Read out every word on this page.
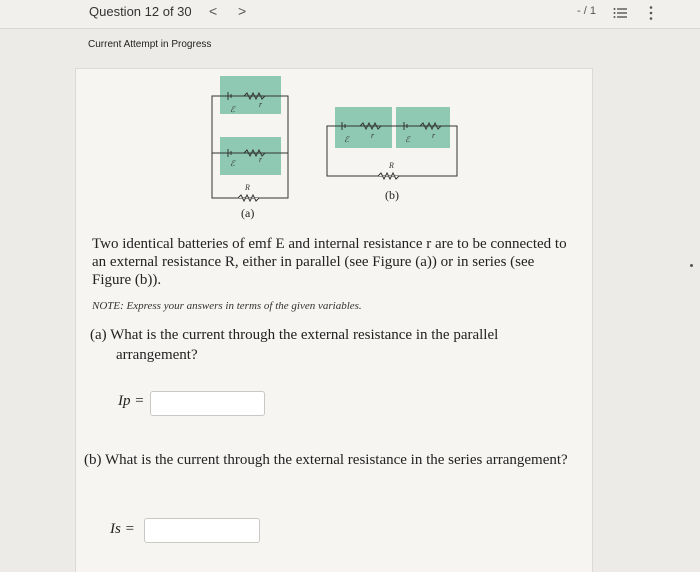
Question 12 of 30 < >	- / 1
Current Attempt in Progress
ℰ
r
ℰ	r
R
ℰ	r	ℰ	r
R
(a)
(b)
Two identical batteries of emf E and internal resistance r are to be connected to an external resistance R, either in parallel (see Figure (a)) or in series (see Figure (b)).
NOTE: Express your answers in terms of the given variables.
(a) What is the current through the external resistance in the parallel arrangement?
Ip =
(b) What is the current through the external resistance in the series arrangement?
Is =
